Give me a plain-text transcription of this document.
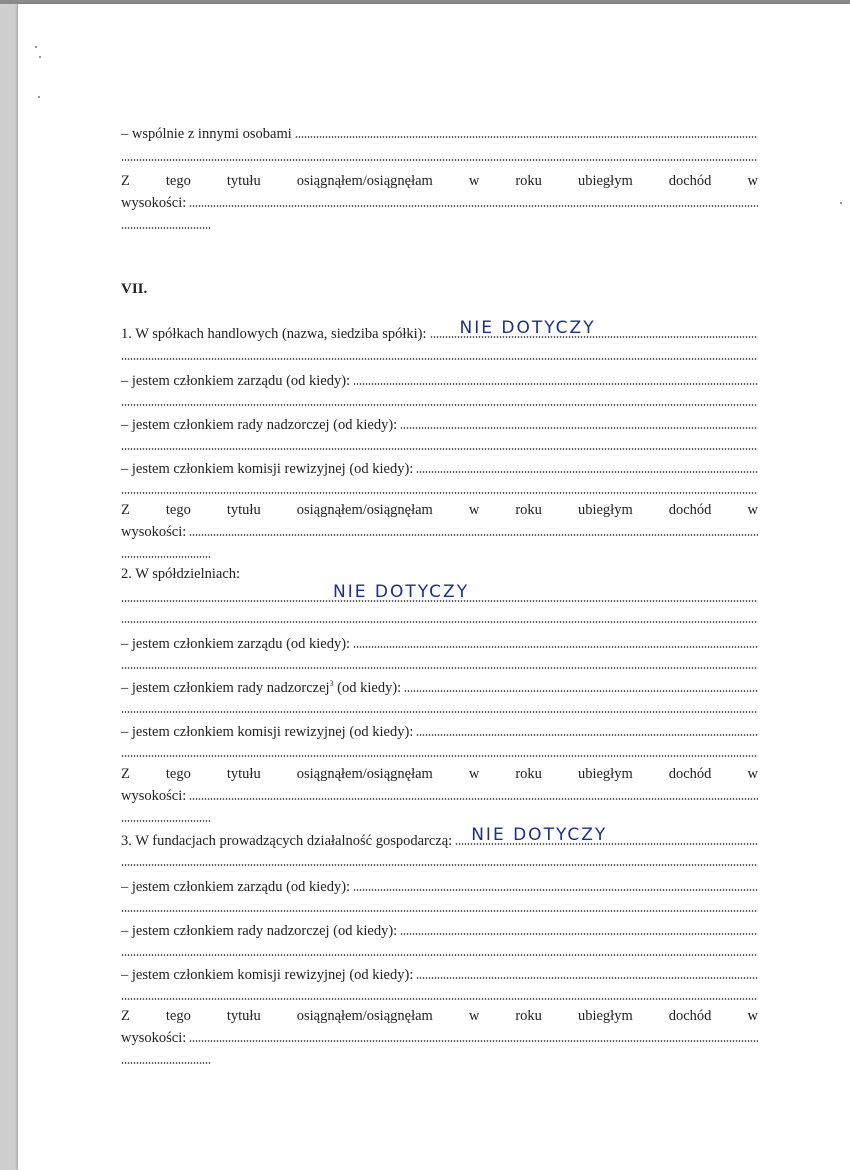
– wspólnie z innymi osobami
Z tego tytułu osiągnąłem/osiągnęłam w roku ubiegłym dochód w
wysokości:
VII.
1. W spółkach handlowych (nazwa, siedziba spółki): NIE DOTYCZY
– jestem członkiem zarządu (od kiedy):
– jestem członkiem rady nadzorczej (od kiedy):
– jestem członkiem komisji rewizyjnej (od kiedy):
Z tego tytułu osiągnąłem/osiągnęłam w roku ubiegłym dochód w
wysokości:
2. W spółdzielniach:
NIE DOTYCZY
– jestem członkiem zarządu (od kiedy):
– jestem członkiem rady nadzorczej$^3$ (od kiedy):
– jestem członkiem komisji rewizyjnej (od kiedy):
Z tego tytułu osiągnąłem/osiągnęłam w roku ubiegłym dochód w
wysokości:
3. W fundacjach prowadzących działalność gospodarczą: NIE DOTYCZY
– jestem członkiem zarządu (od kiedy):
– jestem członkiem rady nadzorczej (od kiedy):
– jestem członkiem komisji rewizyjnej (od kiedy):
Z tego tytułu osiągnąłem/osiągnęłam w roku ubiegłym dochód w
wysokości:
